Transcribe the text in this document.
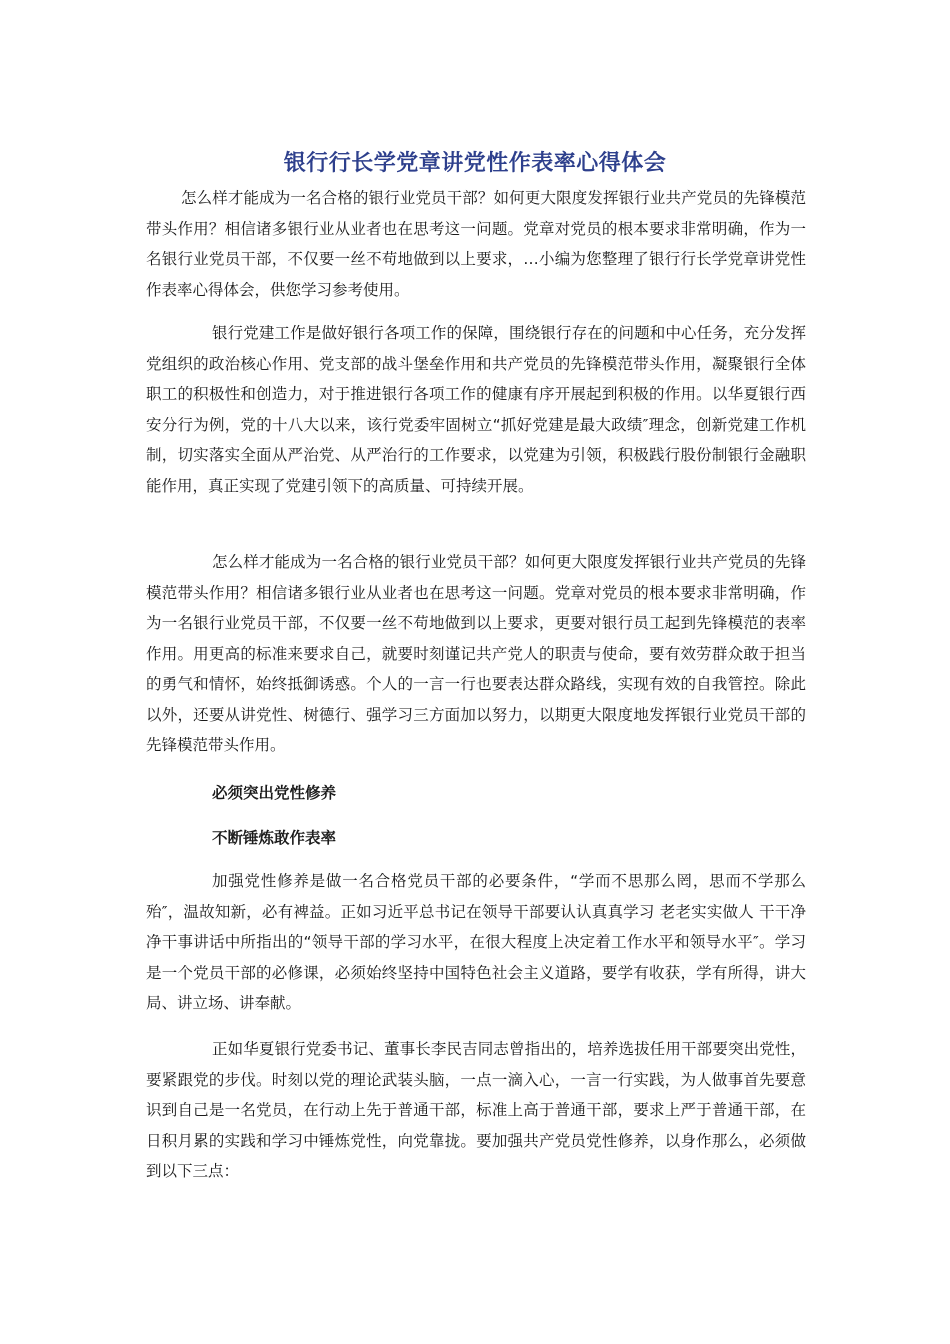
银行行长学党章讲党性作表率心得体会

怎么样才能成为一名合格的银行业党员干部？如何更大限度发挥银行业共产党员的先锋模范带头作用？相信诸多银行业从业者也在思考这一问题。党章对党员的根本要求非常明确，作为一名银行业党员干部，不仅要一丝不苟地做到以上要求，…小编为您整理了银行行长学党章讲党性作表率心得体会，供您学习参考使用。

银行党建工作是做好银行各项工作的保障，围绕银行存在的问题和中心任务，充分发挥党组织的政治核心作用、党支部的战斗堡垒作用和共产党员的先锋模范带头作用，凝聚银行全体职工的积极性和创造力，对于推进银行各项工作的健康有序开展起到积极的作用。以华夏银行西安分行为例，党的十八大以来，该行党委牢固树立“抓好党建是最大政绩″理念，创新党建工作机制，切实落实全面从严治党、从严治行的工作要求，以党建为引领，积极践行股份制银行金融职能作用，真正实现了党建引领下的高质量、可持续开展。

怎么样才能成为一名合格的银行业党员干部？如何更大限度发挥银行业共产党员的先锋模范带头作用？相信诸多银行业从业者也在思考这一问题。党章对党员的根本要求非常明确，作为一名银行业党员干部，不仅要一丝不苟地做到以上要求，更要对银行员工起到先锋模范的表率作用。用更高的标准来要求自己，就要时刻谨记共产党人的职责与使命，要有效劳群众敢于担当的勇气和情怀，始终抵御诱惑。个人的一言一行也要表达群众路线，实现有效的自我管控。除此以外，还要从讲党性、树德行、强学习三方面加以努力，以期更大限度地发挥银行业党员干部的先锋模范带头作用。

必须突出党性修养

不断锤炼敢作表率

加强党性修养是做一名合格党员干部的必要条件，“学而不思那么罔，思而不学那么殆″，温故知新，必有裨益。正如习近平总书记在领导干部要认认真真学习 老老实实做人 干干净净干事讲话中所指出的“领导干部的学习水平，在很大程度上决定着工作水平和领导水平″。学习是一个党员干部的必修课，必须始终坚持中国特色社会主义道路，要学有收获，学有所得，讲大局、讲立场、讲奉献。

正如华夏银行党委书记、董事长李民吉同志曾指出的，培养选拔任用干部要突出党性，要紧跟党的步伐。时刻以党的理论武装头脑，一点一滴入心，一言一行实践，为人做事首先要意识到自己是一名党员，在行动上先于普通干部，标准上高于普通干部，要求上严于普通干部，在日积月累的实践和学习中锤炼党性，向党靠拢。要加强共产党员党性修养，以身作那么，必须做到以下三点：
